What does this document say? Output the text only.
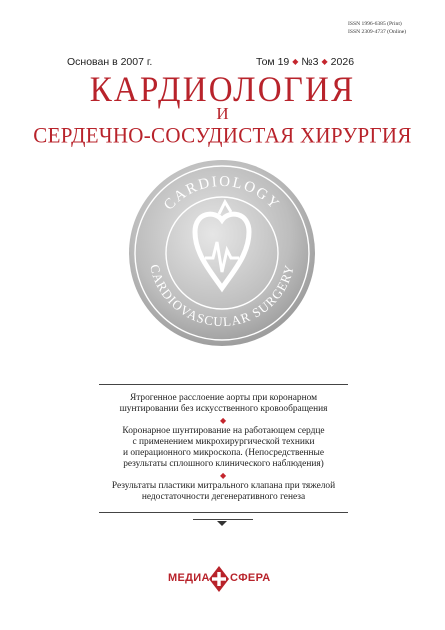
ISSN 1996-6385 (Print)
ISSN 2309-4737 (Online)
Основан в 2007 г.	Том 19 ◆ №3 ◆ 2026
КАРДИОЛОГИЯ
И
СЕРДЕЧНО-СОСУДИСТАЯ ХИРУРГИЯ
CARDIOLOGY
CARDIOVASCULAR SURGERY
Ятрогенное расслоение аорты при коронарном
шунтировании без искусственного кровообращения
◆
Коронарное шунтирование на работающем сердце
с применением микрохирургической техники
и операционного микроскопа. (Непосредственные
результаты сплошного клинического наблюдения)
◆
Результаты пластики митрального клапана при тяжелой
недостаточности дегенеративного генеза
МЕДИА СФЕРА
